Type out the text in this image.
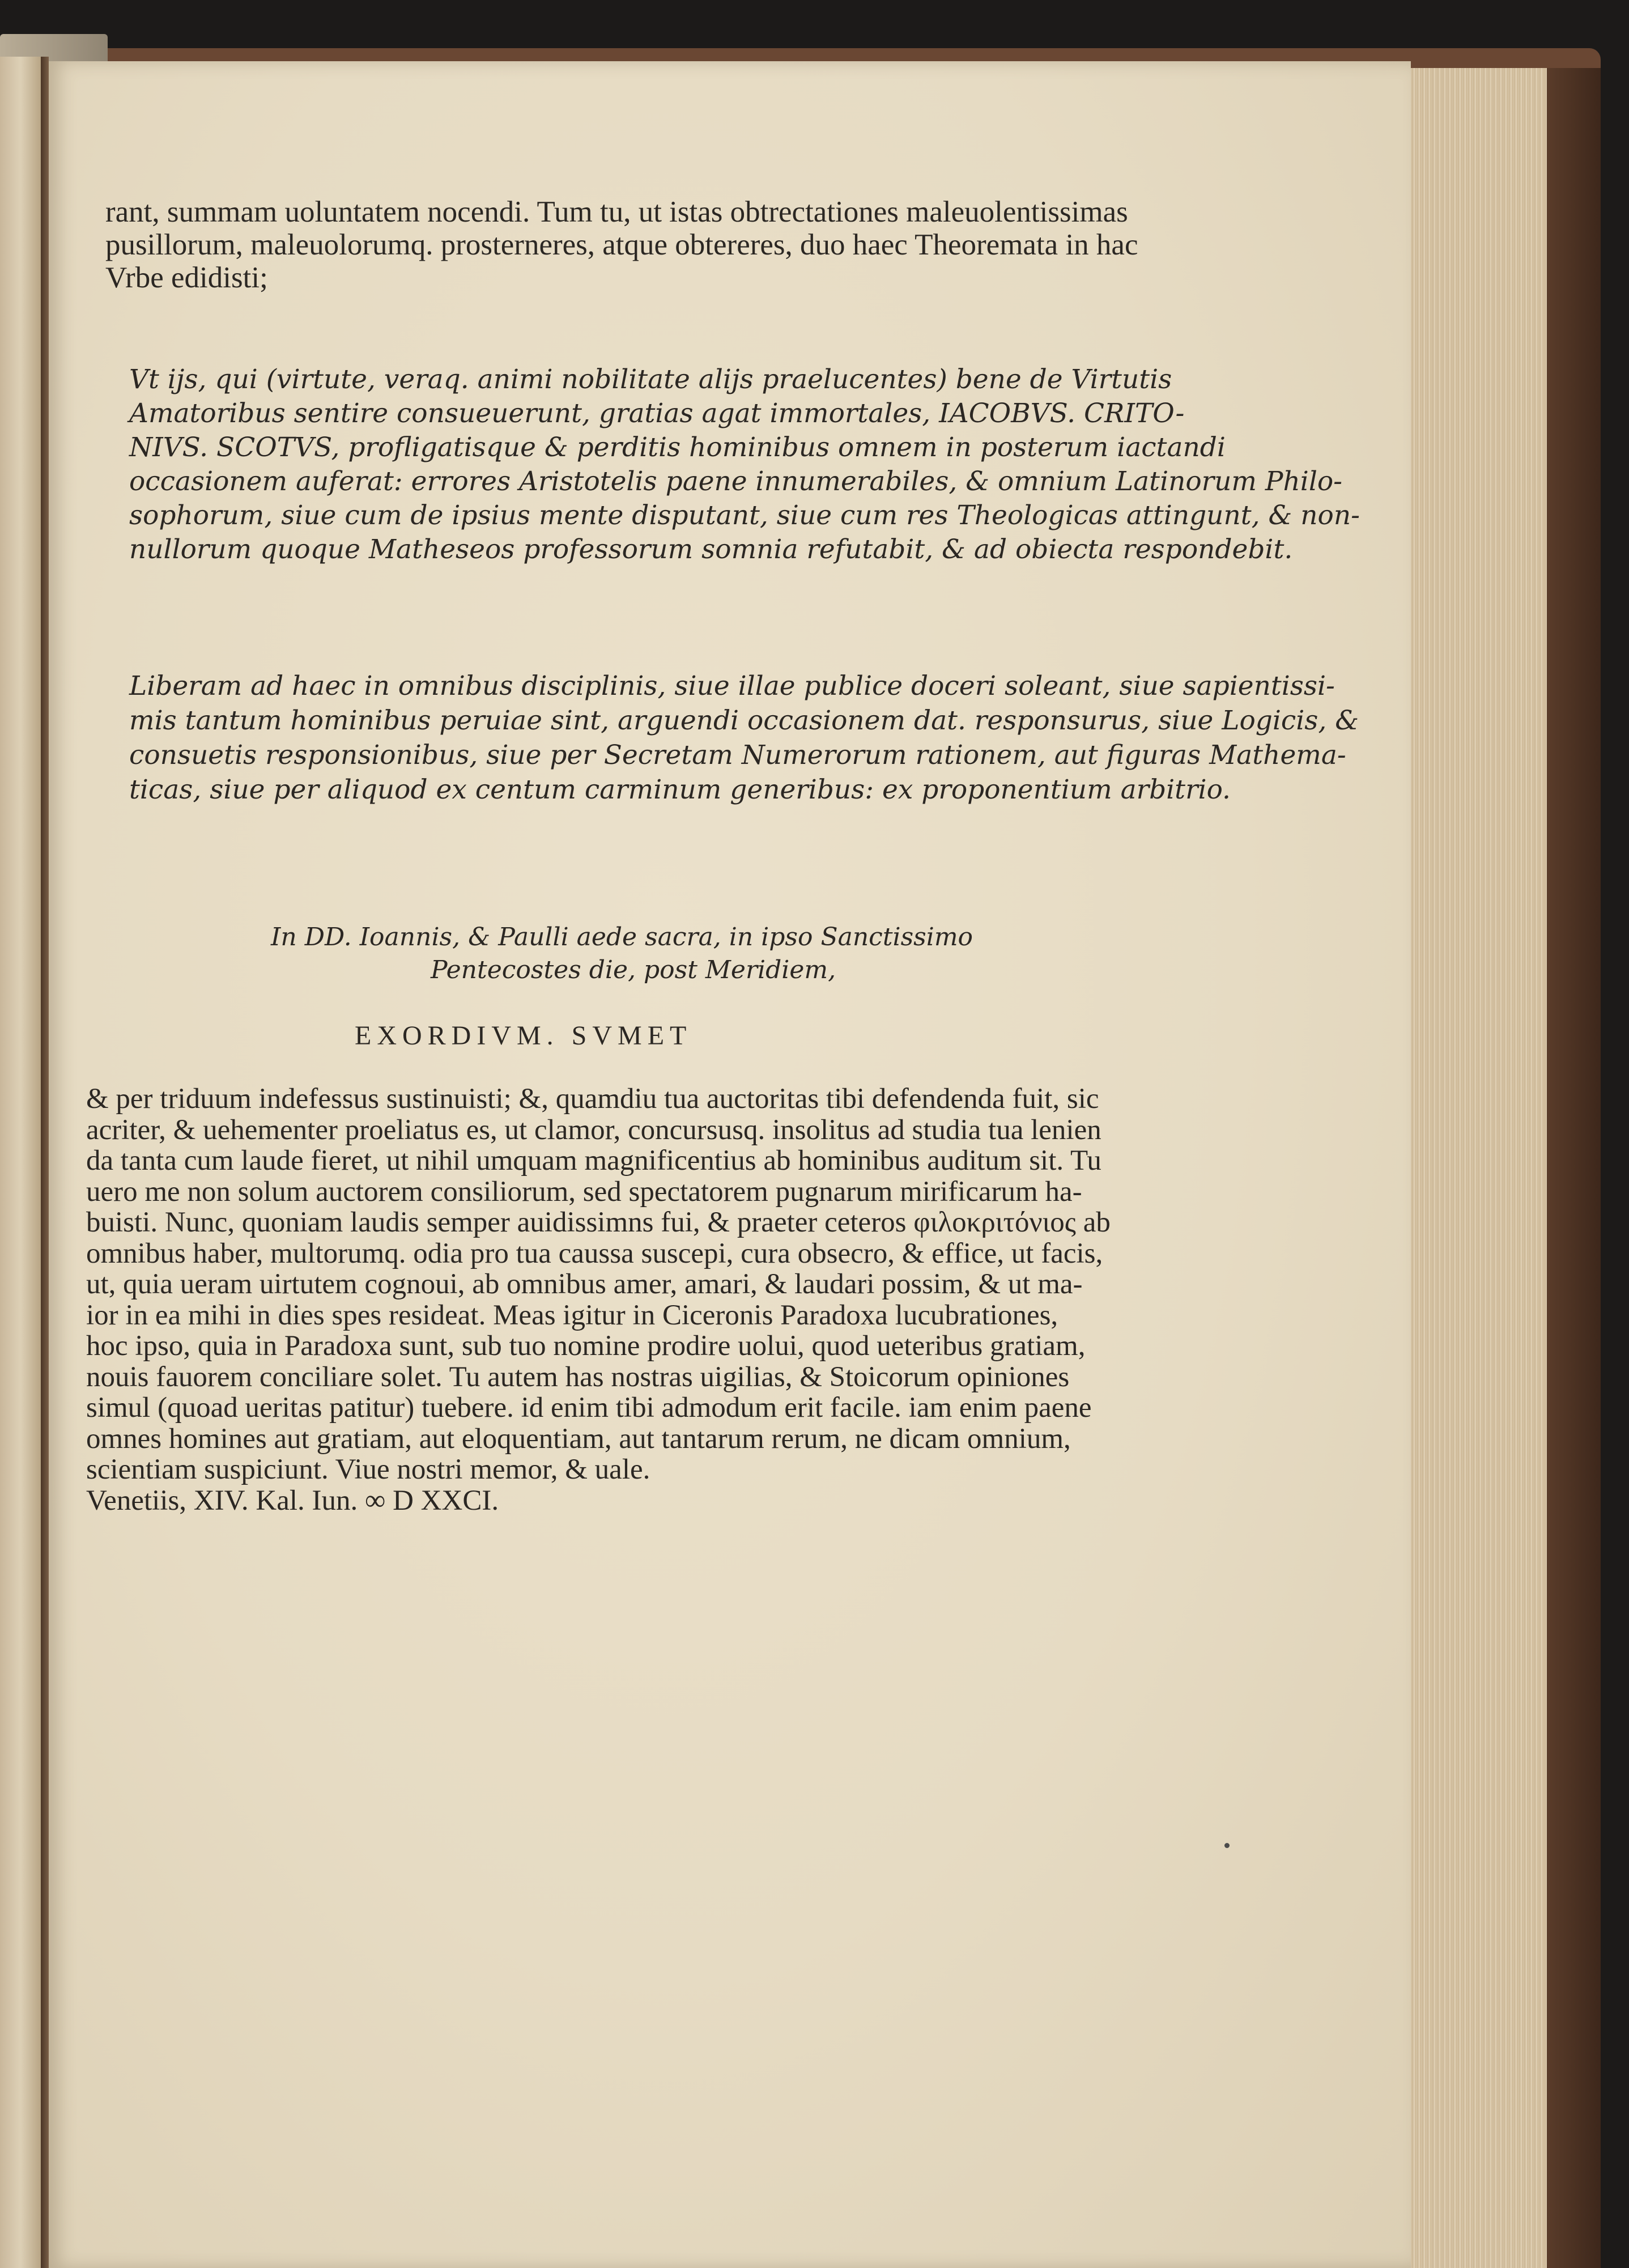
rant, summam uoluntatem nocendi. Tum tu, ut istas obtrectationes maleuolentissimas
pusillorum, maleuolorumq. prosterneres, atque obtereres, duo haec Theoremata in hac
Vrbe edidisti;
Vt ijs, qui (virtute, veraq. animi nobilitate alijs praelucentes) bene de Virtutis
Amatoribus sentire consueuerunt, gratias agat immortales, IACOBVS. CRITO-
NIVS. SCOTVS, profligatisque & perditis hominibus omnem in posterum iactandi
occasionem auferat: errores Aristotelis paene innumerabiles, & omnium Latinorum Philo-
sophorum, siue cum de ipsius mente disputant, siue cum res Theologicas attingunt, & non-
nullorum quoque Matheseos professorum somnia refutabit, & ad obiecta respondebit.
Liberam ad haec in omnibus disciplinis, siue illae publice doceri soleant, siue sapientissi-
mis tantum hominibus peruiae sint, arguendi occasionem dat. responsurus, siue Logicis, &
consuetis responsionibus, siue per Secretam Numerorum rationem, aut figuras Mathema-
ticas, siue per aliquod ex centum carminum generibus: ex proponentium arbitrio.
In DD. Ioannis, & Paulli aede sacra, in ipso Sanctissimo
Pentecostes die, post Meridiem,
EXORDIVM. SVMET
& per triduum indefessus sustinuisti; &, quamdiu tua auctoritas tibi defendenda fuit, sic
acriter, & uehementer proeliatus es, ut clamor, concursusq. insolitus ad studia tua lenien
da tanta cum laude fieret, ut nihil umquam magnificentius ab hominibus auditum sit. Tu
uero me non solum auctorem consiliorum, sed spectatorem pugnarum mirificarum ha-
buisti. Nunc, quoniam laudis semper auidissimns fui, & praeter ceteros φιλοκριτόνιος ab
omnibus haber, multorumq. odia pro tua caussa suscepi, cura obsecro, & effice, ut facis,
ut, quia ueram uirtutem cognoui, ab omnibus amer, amari, & laudari possim, & ut ma-
ior in ea mihi in dies spes resideat. Meas igitur in Ciceronis Paradoxa lucubrationes,
hoc ipso, quia in Paradoxa sunt, sub tuo nomine prodire uolui, quod ueteribus gratiam,
nouis fauorem conciliare solet. Tu autem has nostras uigilias, & Stoicorum opiniones
simul (quoad ueritas patitur) tuebere. id enim tibi admodum erit facile. iam enim paene
omnes homines aut gratiam, aut eloquentiam, aut tantarum rerum, ne dicam omnium,
scientiam suspiciunt. Viue nostri memor, & uale.
Venetiis, XIV. Kal. Iun. ∞ D XXCI.
